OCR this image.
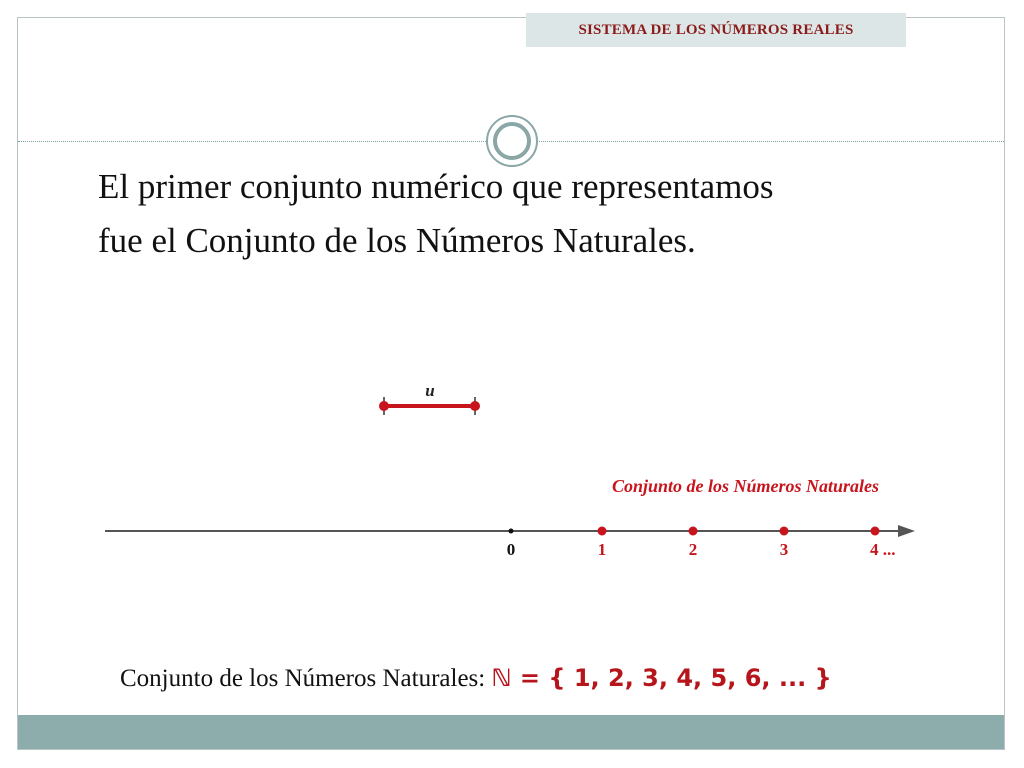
SISTEMA DE LOS NÚMEROS REALES
El primer conjunto numérico que representamos
fue el Conjunto de los Números Naturales.
u
Conjunto de los Números Naturales
0	1	2	3	4 ...
Conjunto de los Números Naturales: ℕ = { 1, 2, 3, 4, 5, 6, ... }
